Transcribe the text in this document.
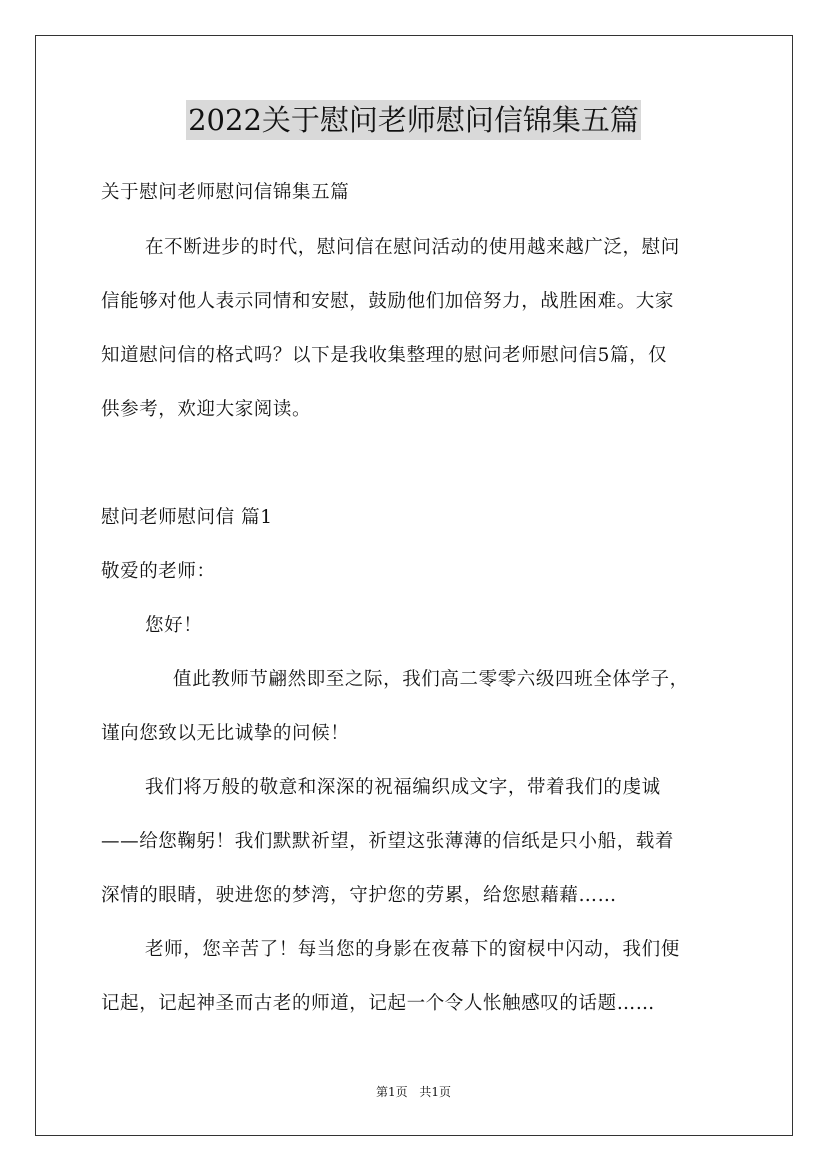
2022关于慰问老师慰问信锦集五篇
关于慰问老师慰问信锦集五篇
在不断进步的时代，慰问信在慰问活动的使用越来越广泛，慰问
信能够对他人表示同情和安慰，鼓励他们加倍努力，战胜困难。大家
知道慰问信的格式吗？以下是我收集整理的慰问老师慰问信5篇，仅
供参考，欢迎大家阅读。
慰问老师慰问信 篇1
敬爱的老师：
您好！
值此教师节翩然即至之际，我们高二零零六级四班全体学子，
谨向您致以无比诚挚的问候！
我们将万般的敬意和深深的祝福编织成文字，带着我们的虔诚
——给您鞠躬！我们默默祈望，祈望这张薄薄的信纸是只小船，载着
深情的眼睛，驶进您的梦湾，守护您的劳累，给您慰藉藉……
老师，您辛苦了！每当您的身影在夜幕下的窗棂中闪动，我们便
记起，记起神圣而古老的师道，记起一个令人怅触感叹的话题……
第1页 共1页
